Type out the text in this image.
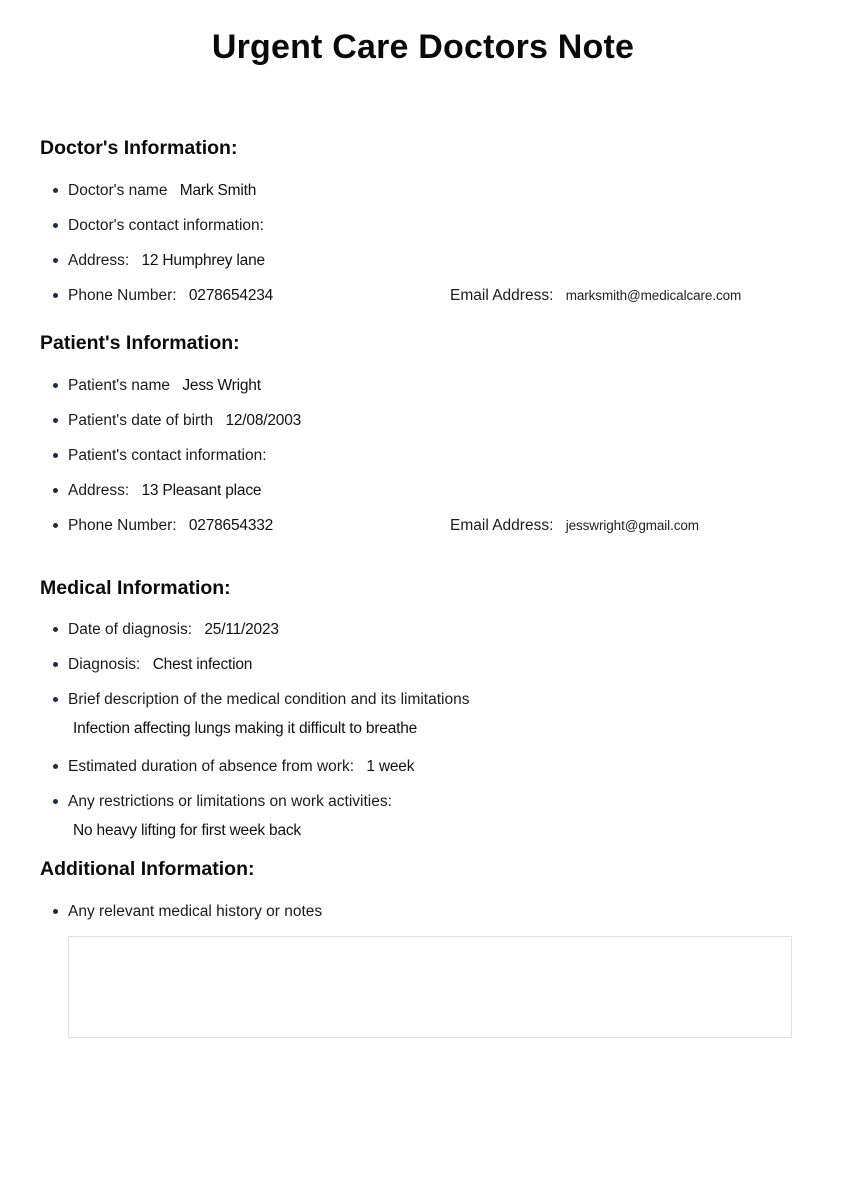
Urgent Care Doctors Note
Doctor's Information:
Doctor's name Mark Smith
Doctor's contact information:
Address: 12 Humphrey lane
Phone Number: 0278654234	Email Address: marksmith@medicalcare.com
Patient's Information:
Patient's name Jess Wright
Patient's date of birth 12/08/2003
Patient's contact information:
Address: 13 Pleasant place
Phone Number: 0278654332	Email Address: jesswright@gmail.com
Medical Information:
Date of diagnosis: 25/11/2023
Diagnosis: Chest infection
Brief description of the medical condition and its limitations
Infection affecting lungs making it difficult to breathe
Estimated duration of absence from work: 1 week
Any restrictions or limitations on work activities:
No heavy lifting for first week back
Additional Information:
Any relevant medical history or notes
